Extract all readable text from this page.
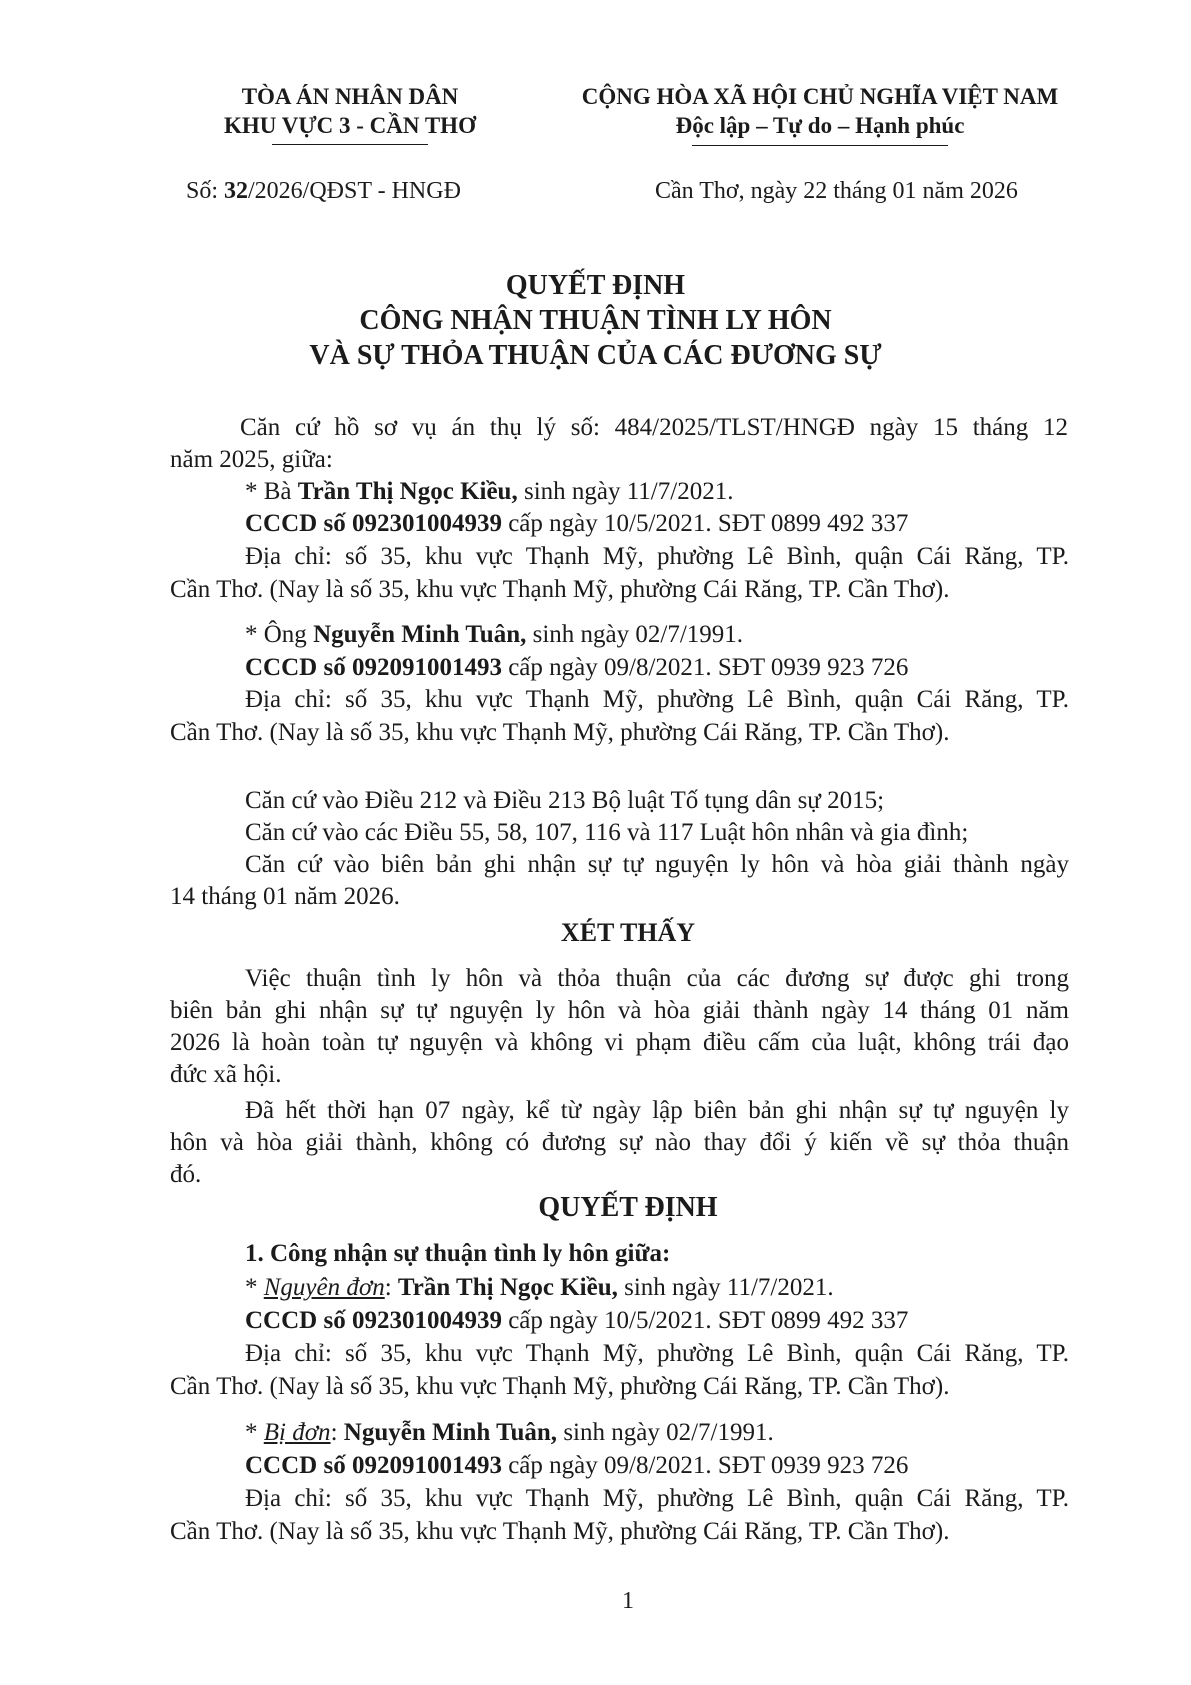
TÒA ÁN NHÂN DÂN
KHU VỰC 3 - CẦN THƠ
CỘNG HÒA XÃ HỘI CHỦ NGHĨA VIỆT NAM
Độc lập – Tự do – Hạnh phúc
Số: 32/2026/QĐST - HNGĐ	Cần Thơ, ngày 22 tháng 01 năm 2026
QUYẾT ĐỊNH
CÔNG NHẬN THUẬN TÌNH LY HÔN
VÀ SỰ THỎA THUẬN CỦA CÁC ĐƯƠNG SỰ
Căn cứ hồ sơ vụ án thụ lý số: 484/2025/TLST/HNGĐ ngày 15 tháng 12
năm 2025, giữa:
* Bà Trần Thị Ngọc Kiều, sinh ngày 11/7/2021.
CCCD số 092301004939 cấp ngày 10/5/2021. SĐT 0899 492 337
Địa chỉ: số 35, khu vực Thạnh Mỹ, phường Lê Bình, quận Cái Răng, TP.
Cần Thơ. (Nay là số 35, khu vực Thạnh Mỹ, phường Cái Răng, TP. Cần Thơ).
* Ông Nguyễn Minh Tuân, sinh ngày 02/7/1991.
CCCD số 092091001493 cấp ngày 09/8/2021. SĐT 0939 923 726
Địa chỉ: số 35, khu vực Thạnh Mỹ, phường Lê Bình, quận Cái Răng, TP.
Cần Thơ. (Nay là số 35, khu vực Thạnh Mỹ, phường Cái Răng, TP. Cần Thơ).
Căn cứ vào Điều 212 và Điều 213 Bộ luật Tố tụng dân sự 2015;
Căn cứ vào các Điều 55, 58, 107, 116 và 117 Luật hôn nhân và gia đình;
Căn cứ vào biên bản ghi nhận sự tự nguyện ly hôn và hòa giải thành ngày
14 tháng 01 năm 2026.
XÉT THẤY
Việc thuận tình ly hôn và thỏa thuận của các đương sự được ghi trong
biên bản ghi nhận sự tự nguyện ly hôn và hòa giải thành ngày 14 tháng 01 năm
2026 là hoàn toàn tự nguyện và không vi phạm điều cấm của luật, không trái đạo
đức xã hội.
Đã hết thời hạn 07 ngày, kể từ ngày lập biên bản ghi nhận sự tự nguyện ly
hôn và hòa giải thành, không có đương sự nào thay đổi ý kiến về sự thỏa thuận
đó.
QUYẾT ĐỊNH
1. Công nhận sự thuận tình ly hôn giữa:
* Nguyên đơn: Trần Thị Ngọc Kiều, sinh ngày 11/7/2021.
CCCD số 092301004939 cấp ngày 10/5/2021. SĐT 0899 492 337
Địa chỉ: số 35, khu vực Thạnh Mỹ, phường Lê Bình, quận Cái Răng, TP.
Cần Thơ. (Nay là số 35, khu vực Thạnh Mỹ, phường Cái Răng, TP. Cần Thơ).
* Bị đơn: Nguyễn Minh Tuân, sinh ngày 02/7/1991.
CCCD số 092091001493 cấp ngày 09/8/2021. SĐT 0939 923 726
Địa chỉ: số 35, khu vực Thạnh Mỹ, phường Lê Bình, quận Cái Răng, TP.
Cần Thơ. (Nay là số 35, khu vực Thạnh Mỹ, phường Cái Răng, TP. Cần Thơ).
1
